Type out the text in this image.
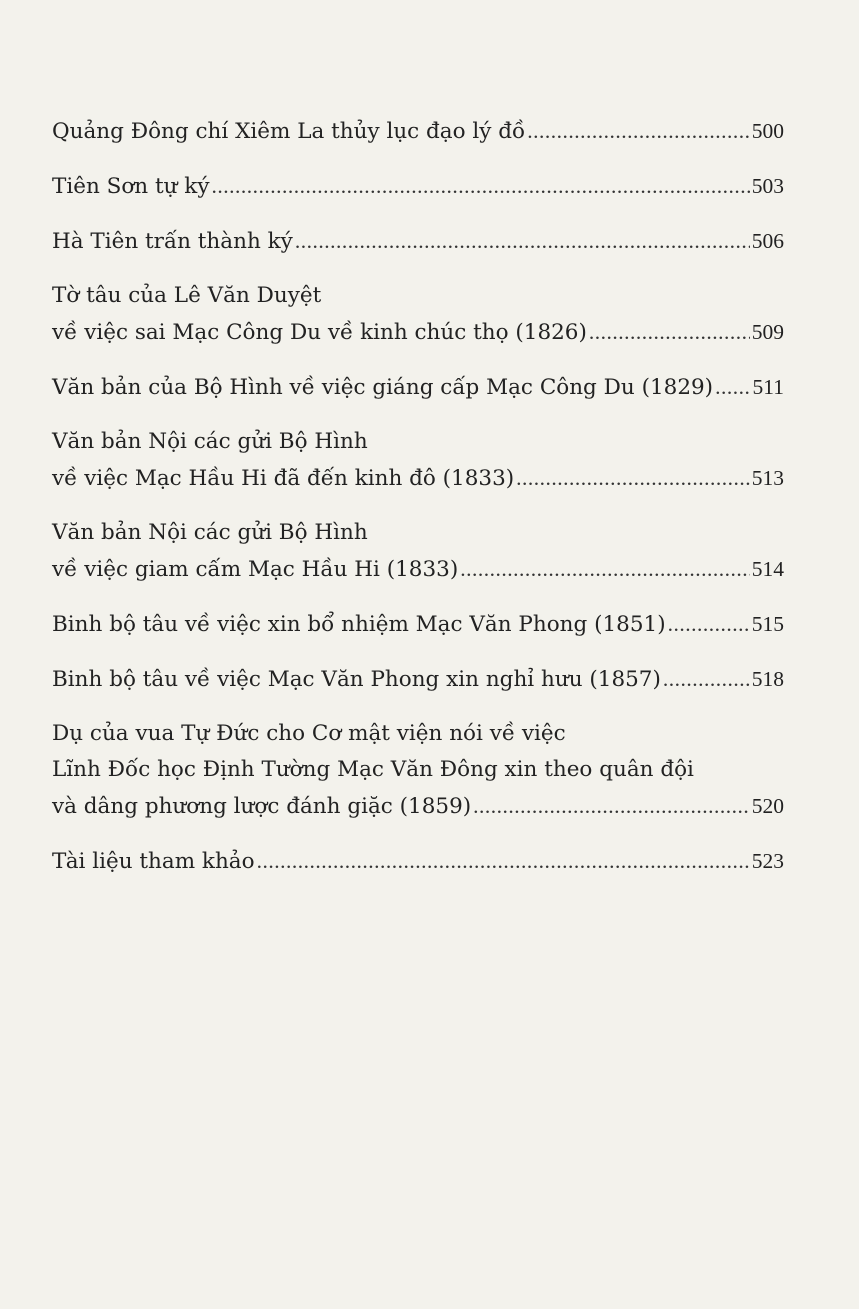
Quảng Đông chí Xiêm La thủy lục đạo lý đồ .....	500
Tiên Sơn tự ký .....	503
Hà Tiên trấn thành ký .....	506
Tờ tâu của Lê Văn Duyệt
về việc sai Mạc Công Du về kinh chúc thọ (1826) .....	509
Văn bản của Bộ Hình về việc giáng cấp Mạc Công Du (1829) ..... 511
Văn bản Nội các gửi Bộ Hình
về việc Mạc Hầu Hi đã đến kinh đô (1833) .....	513
Văn bản Nội các gửi Bộ Hình
về việc giam cấm Mạc Hầu Hi (1833) .....	514
Binh bộ tâu về việc xin bổ nhiệm Mạc Văn Phong (1851) .....	515
Binh bộ tâu về việc Mạc Văn Phong xin nghỉ hưu (1857) .....	518
Dụ của vua Tự Đức cho Cơ mật viện nói về việc
Lĩnh Đốc học Định Tường Mạc Văn Đông xin theo quân đội
và dâng phương lược đánh giặc (1859) .....	520
Tài liệu tham khảo .....	523
